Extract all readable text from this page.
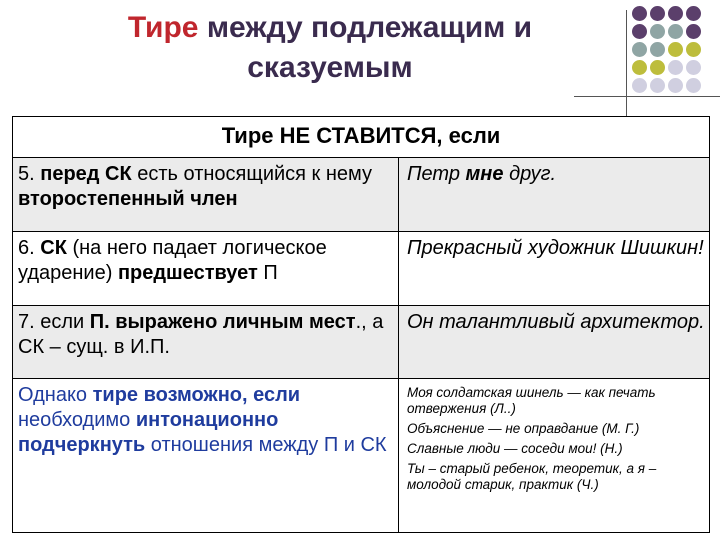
Тире между подлежащим и
сказуемым
Тире НЕ СТАВИТСЯ, если	
5. перед СК есть относящийся к нему второстепенный член	Петр мне друг.
6. СК (на него падает логическое ударение) предшествует П	Прекрасный художник Шишкин!
7. если П. выражено личным мест., а СК – сущ. в И.П.	Он талантливый архитектор.
Однако тире возможно, если необходимо интонационно подчеркнуть отношения между П и СК	Моя солдатская шинель — как печать отвержения (Л..)

Объяснение — не оправдание (М. Г.)

Славные люди — соседи мои! (Н.)

Ты – старый ребенок, теоретик, а я – молодой старик, практик (Ч.)
